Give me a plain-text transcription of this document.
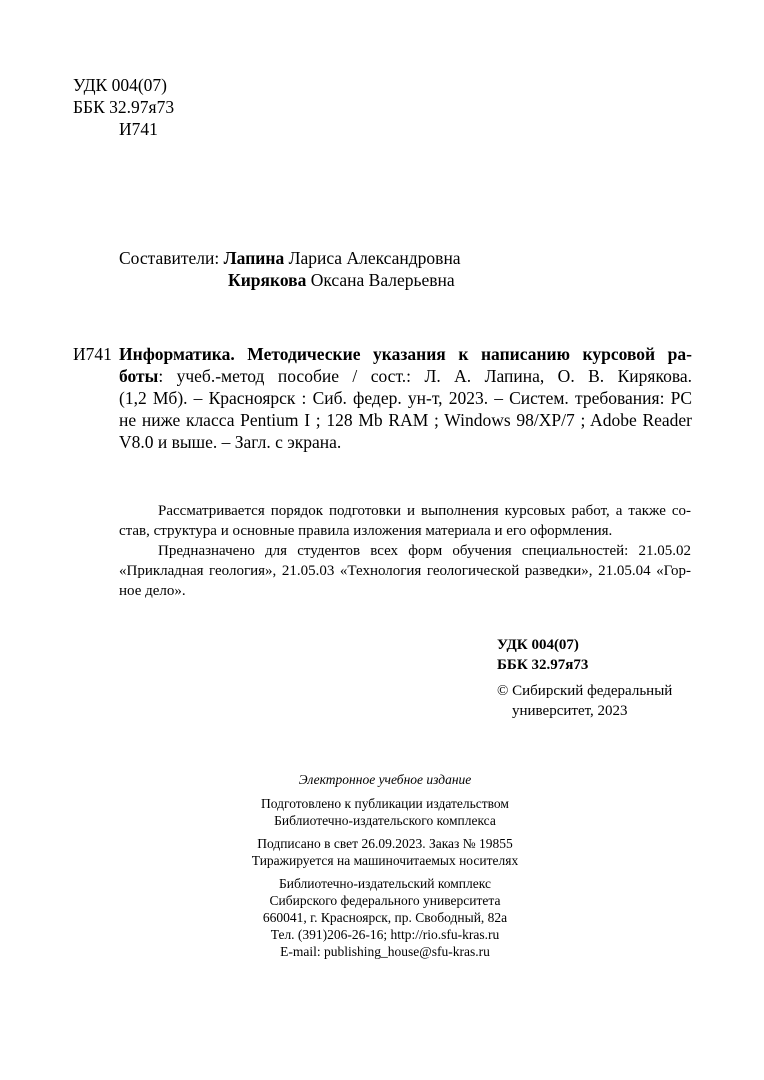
УДК 004(07)
ББК 32.97я73
И741
Составители: Лапина Лариса Александровна
Кирякова Оксана Валерьевна
И741 Информатика. Методические указания к написанию курсовой ра-
боты: учеб.-метод пособие / сост.: Л. А. Лапина, О. В. Кирякова.
(1,2 Мб). – Красноярск : Сиб. федер. ун-т, 2023. – Систем. требования: PC
не ниже класса Pentium I ; 128 Mb RAM ; Windows 98/XP/7 ; Adobe Reader
V8.0 и выше. – Загл. с экрана.
Рассматривается порядок подготовки и выполнения курсовых работ, а также со-
став, структура и основные правила изложения материала и его оформления.
Предназначено для студентов всех форм обучения специальностей: 21.05.02
«Прикладная геология», 21.05.03 «Технология геологической разведки», 21.05.04 «Гор-
ное дело».
УДК 004(07)
ББК 32.97я73
© Сибирский федеральный
университет, 2023
Электронное учебное издание
Подготовлено к публикации издательством
Библиотечно-издательского комплекса
Подписано в свет 26.09.2023. Заказ № 19855
Тиражируется на машиночитаемых носителях
Библиотечно-издательский комплекс
Сибирского федерального университета
660041, г. Красноярск, пр. Свободный, 82а
Тел. (391)206-26-16; http://rio.sfu-kras.ru
E-mail: publishing_house@sfu-kras.ru
